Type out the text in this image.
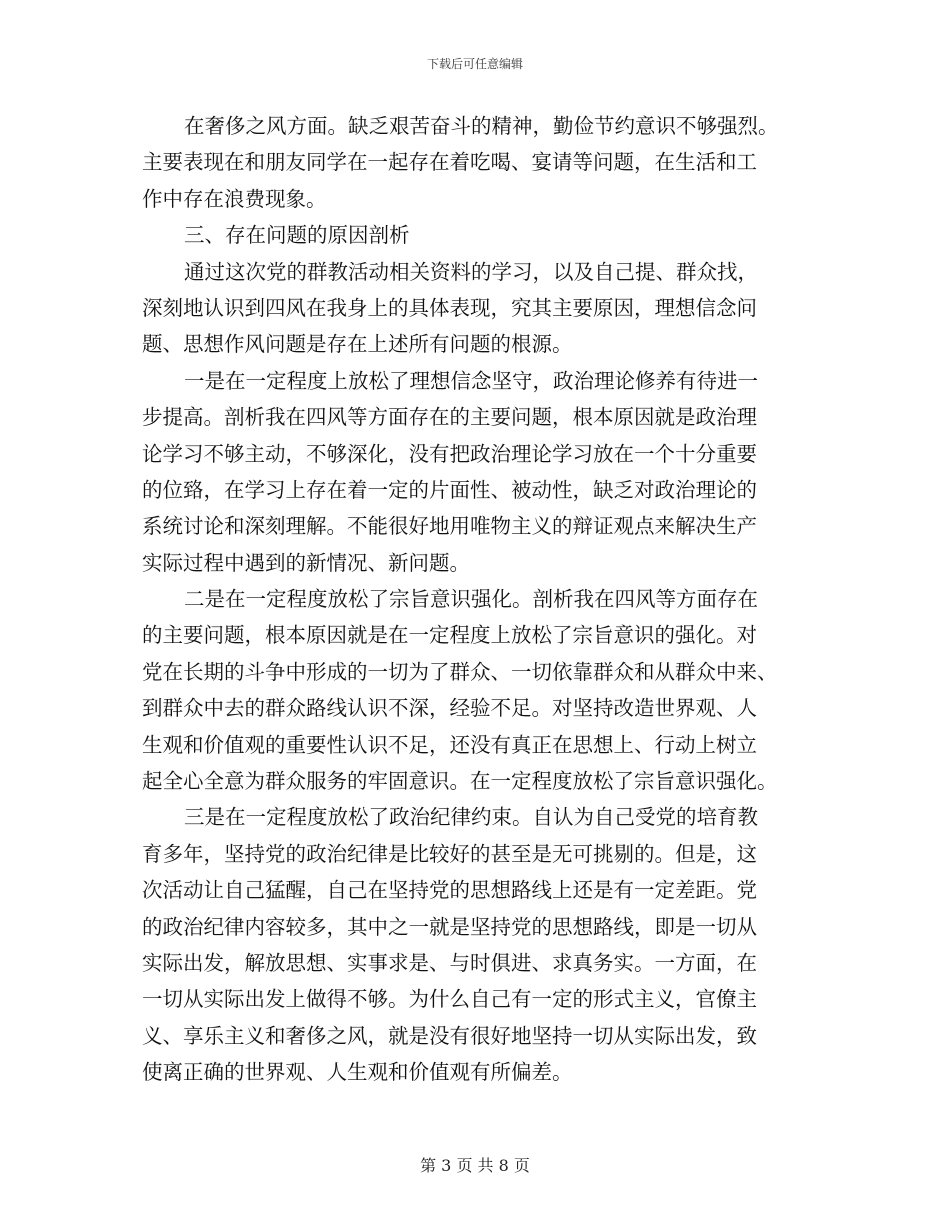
下载后可任意编辑
在奢侈之风方面。缺乏艰苦奋斗的精神，勤俭节约意识不够强烈。
主要表现在和朋友同学在一起存在着吃喝、宴请等问题，在生活和工
作中存在浪费现象。
三、存在问题的原因剖析
通过这次党的群教活动相关资料的学习，以及自己提、群众找，
深刻地认识到四风在我身上的具体表现，究其主要原因，理想信念问
题、思想作风问题是存在上述所有问题的根源。
一是在一定程度上放松了理想信念坚守，政治理论修养有待进一
步提高。剖析我在四风等方面存在的主要问题，根本原因就是政治理
论学习不够主动，不够深化，没有把政治理论学习放在一个十分重要
的位臵，在学习上存在着一定的片面性、被动性，缺乏对政治理论的
系统讨论和深刻理解。不能很好地用唯物主义的辩证观点来解决生产
实际过程中遇到的新情况、新问题。
二是在一定程度放松了宗旨意识强化。剖析我在四风等方面存在
的主要问题，根本原因就是在一定程度上放松了宗旨意识的强化。对
党在长期的斗争中形成的一切为了群众、一切依靠群众和从群众中来、
到群众中去的群众路线认识不深，经验不足。对坚持改造世界观、人
生观和价值观的重要性认识不足，还没有真正在思想上、行动上树立
起全心全意为群众服务的牢固意识。在一定程度放松了宗旨意识强化。
三是在一定程度放松了政治纪律约束。自认为自己受党的培育教
育多年，坚持党的政治纪律是比较好的甚至是无可挑剔的。但是，这
次活动让自己猛醒，自己在坚持党的思想路线上还是有一定差距。党
的政治纪律内容较多，其中之一就是坚持党的思想路线，即是一切从
实际出发，解放思想、实事求是、与时俱进、求真务实。一方面，在
一切从实际出发上做得不够。为什么自己有一定的形式主义，官僚主
义、享乐主义和奢侈之风，就是没有很好地坚持一切从实际出发，致
使离正确的世界观、人生观和价值观有所偏差。
第 3 页 共 8 页
